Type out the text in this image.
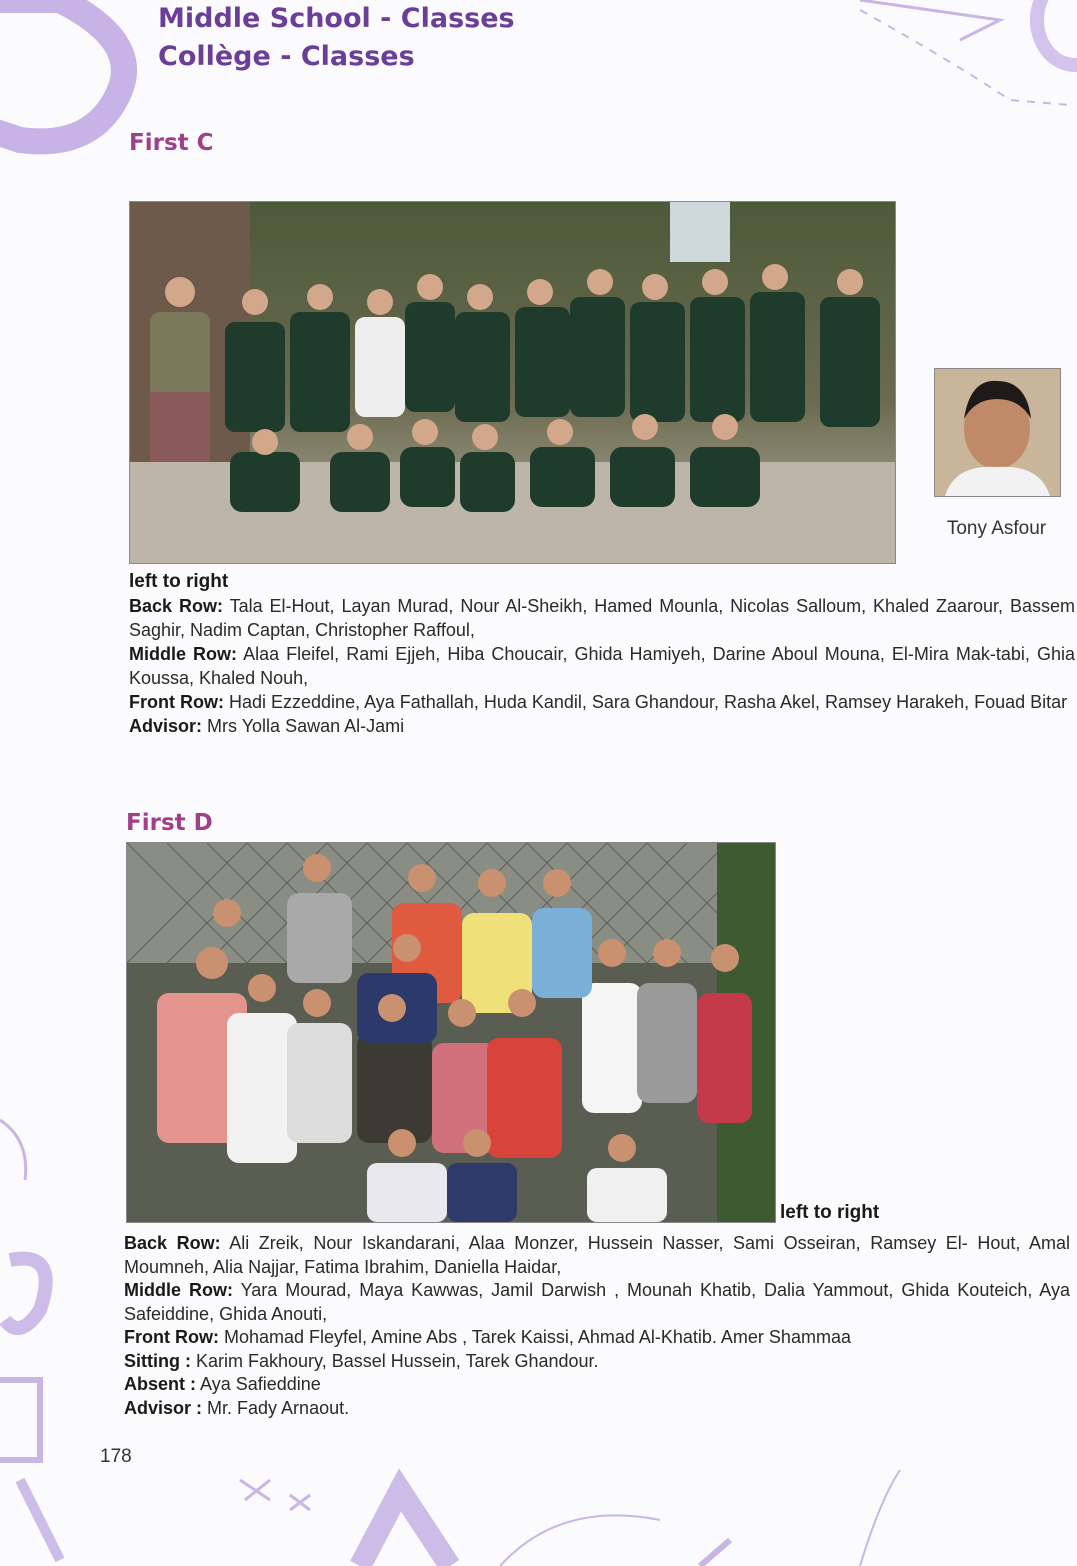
Middle School - Classes
Collège - Classes
First C
Tony Asfour
left to right
Back Row: Tala El-Hout, Layan Murad, Nour Al-Sheikh, Hamed Mounla, Nicolas Salloum, Khaled Zaarour, Bassem Saghir, Nadim Captan, Christopher Raffoul,
Middle Row: Alaa Fleifel, Rami Ejjeh, Hiba Choucair, Ghida Hamiyeh, Darine Aboul Mouna, El-Mira Mak-tabi, Ghia Koussa, Khaled Nouh,
Front Row: Hadi Ezzeddine, Aya Fathallah, Huda Kandil, Sara Ghandour, Rasha Akel, Ramsey Harakeh, Fouad Bitar
Advisor: Mrs Yolla Sawan Al-Jami
First D
left to right
Back Row: Ali Zreik, Nour Iskandarani, Alaa Monzer, Hussein Nasser, Sami Osseiran, Ramsey El- Hout, Amal Moumneh, Alia Najjar, Fatima Ibrahim, Daniella Haidar,
Middle Row: Yara Mourad, Maya Kawwas, Jamil Darwish , Mounah Khatib, Dalia Yammout, Ghida Kouteich, Aya Safeiddine, Ghida Anouti,
Front Row: Mohamad Fleyfel, Amine Abs , Tarek Kaissi, Ahmad Al-Khatib. Amer Shammaa
Sitting : Karim Fakhoury, Bassel Hussein, Tarek Ghandour.
Absent : Aya Safieddine
Advisor : Mr. Fady Arnaout.
178
